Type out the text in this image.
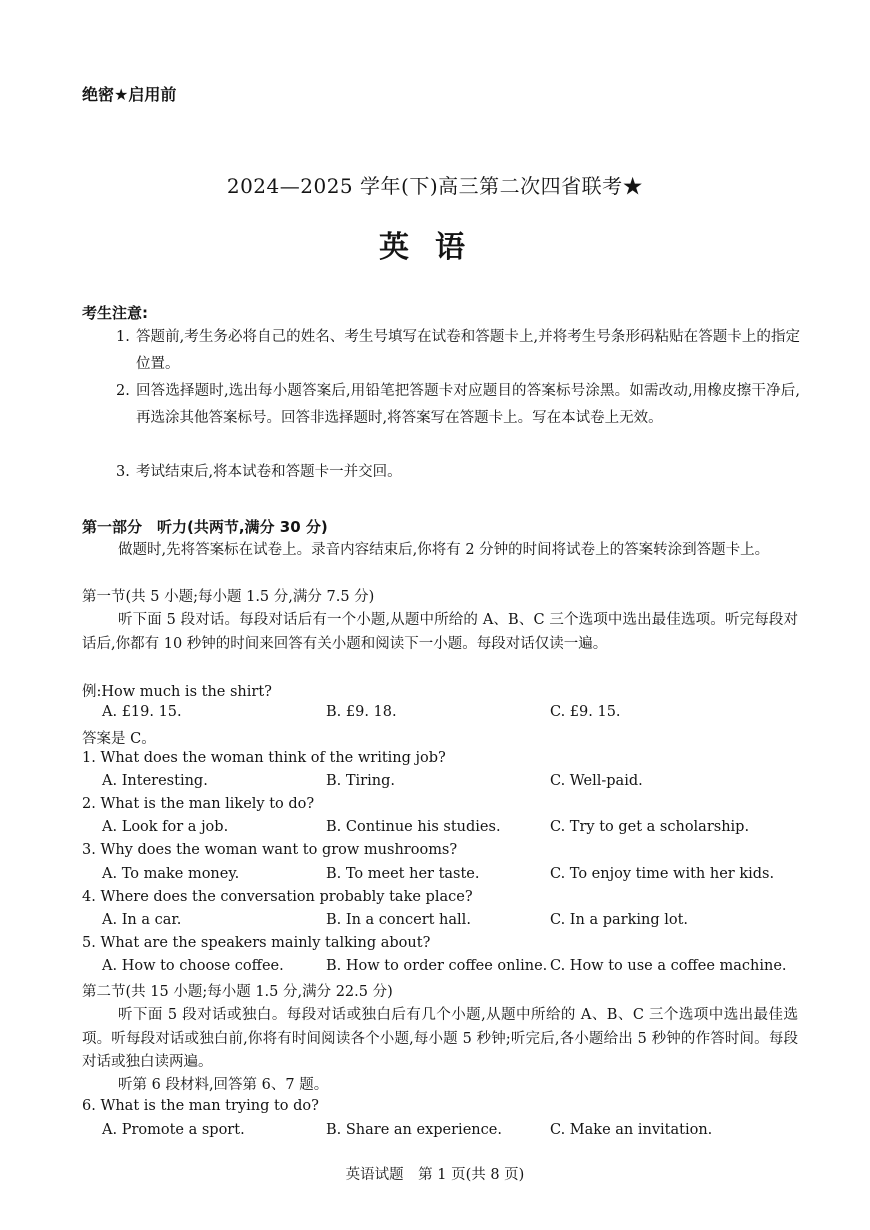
绝密★启用前
2024—2025 学年(下)高三第二次四省联考★
英语
考生注意:
1. 答题前,考生务必将自己的姓名、考生号填写在试卷和答题卡上,并将考生号条形码粘贴在答题卡上的指定位置。
2. 回答选择题时,选出每小题答案后,用铅笔把答题卡对应题目的答案标号涂黑。如需改动,用橡皮擦干净后,再选涂其他答案标号。回答非选择题时,将答案写在答题卡上。写在本试卷上无效。
3. 考试结束后,将本试卷和答题卡一并交回。
第一部分　听力(共两节,满分 30 分)
做题时,先将答案标在试卷上。录音内容结束后,你将有 2 分钟的时间将试卷上的答案转涂到答题卡上。
第一节(共 5 小题;每小题 1.5 分,满分 7.5 分)
听下面 5 段对话。每段对话后有一个小题,从题中所给的 A、B、C 三个选项中选出最佳选项。听完每段对话后,你都有 10 秒钟的时间来回答有关小题和阅读下一小题。每段对话仅读一遍。
例:How much is the shirt?
A. £19. 15.	B. £9. 18.	C. £9. 15.
答案是 C。
1. What does the woman think of the writing job?
A. Interesting.	B. Tiring.	C. Well-paid.
2. What is the man likely to do?
A. Look for a job.	B. Continue his studies.	C. Try to get a scholarship.
3. Why does the woman want to grow mushrooms?
A. To make money.	B. To meet her taste.	C. To enjoy time with her kids.
4. Where does the conversation probably take place?
A. In a car.	B. In a concert hall.	C. In a parking lot.
5. What are the speakers mainly talking about?
A. How to choose coffee.	B. How to order coffee online. C. How to use a coffee machine.
第二节(共 15 小题;每小题 1.5 分,满分 22.5 分)
听下面 5 段对话或独白。每段对话或独白后有几个小题,从题中所给的 A、B、C 三个选项中选出最佳选项。听每段对话或独白前,你将有时间阅读各个小题,每小题 5 秒钟;听完后,各小题给出 5 秒钟的作答时间。每段对话或独白读两遍。
听第 6 段材料,回答第 6、7 题。
6. What is the man trying to do?
A. Promote a sport.	B. Share an experience.	C. Make an invitation.
英语试题　第 1 页(共 8 页)
